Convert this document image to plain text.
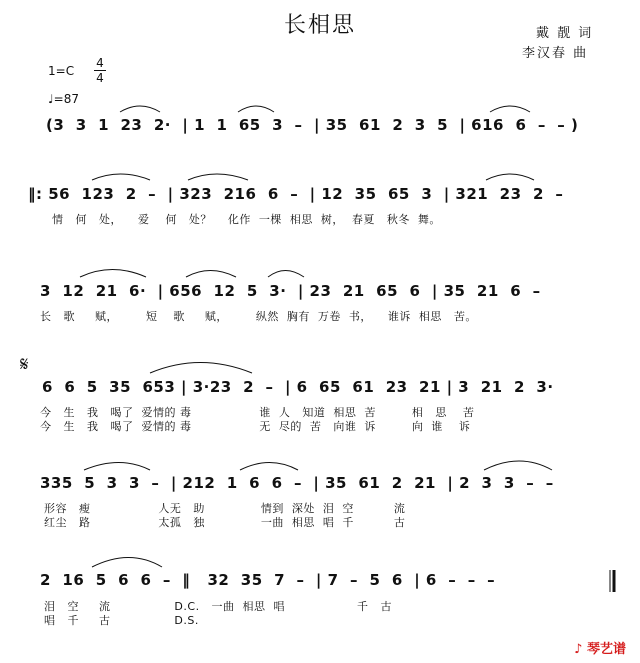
长相思
1=C
4
4
♩=87
戴 靓 词
李汉春 曲
(3  3  1  23  2·  | 1  1  65  3  –  | 35  61  2  3  5  | 616  6  –  – )
‖: 56  123  2  –  | 323  216  6  –  | 12  35  65  3  | 321  23  2  –
情   何   处，    爱    何   处？    化作  一棵  相思  树，  春夏   秋冬  舞。
3  12  21  6·  | 656  12  5  3·  | 23  21  65  6  | 35  21  6  –
长   歌     赋，       短    歌     赋，       纵然  胸有  万卷  书，    谁诉  相思   苦。
𝄋
6  6  5  35  653 | 3·23  2  –  | 6  65  61  23  21 | 3  21  2  3·
今   生   我   喝了  爱情的 毒                 谁  人   知道  相思  苦         相   思    苦
今   生   我   喝了  爱情的 毒                 无  尽的  苦   向谁  诉         向  谁    诉
335  5  3  3  –  | 212  1  6  6  –  | 35  61  2  21  | 2  3  3  –  –
形容   瘦                 人无   助              情到  深处  泪  空          流
红尘   路                 太孤   独              一曲  相思  唱  千          古
2  16  5  6  6  –  ‖   32  35  7  –  | 7  –  5  6  | 6  –  –  –
泪   空     流                D.C.   一曲  相思  唱                  千   古
唱   千     古                D.S.
♪ 琴艺谱
